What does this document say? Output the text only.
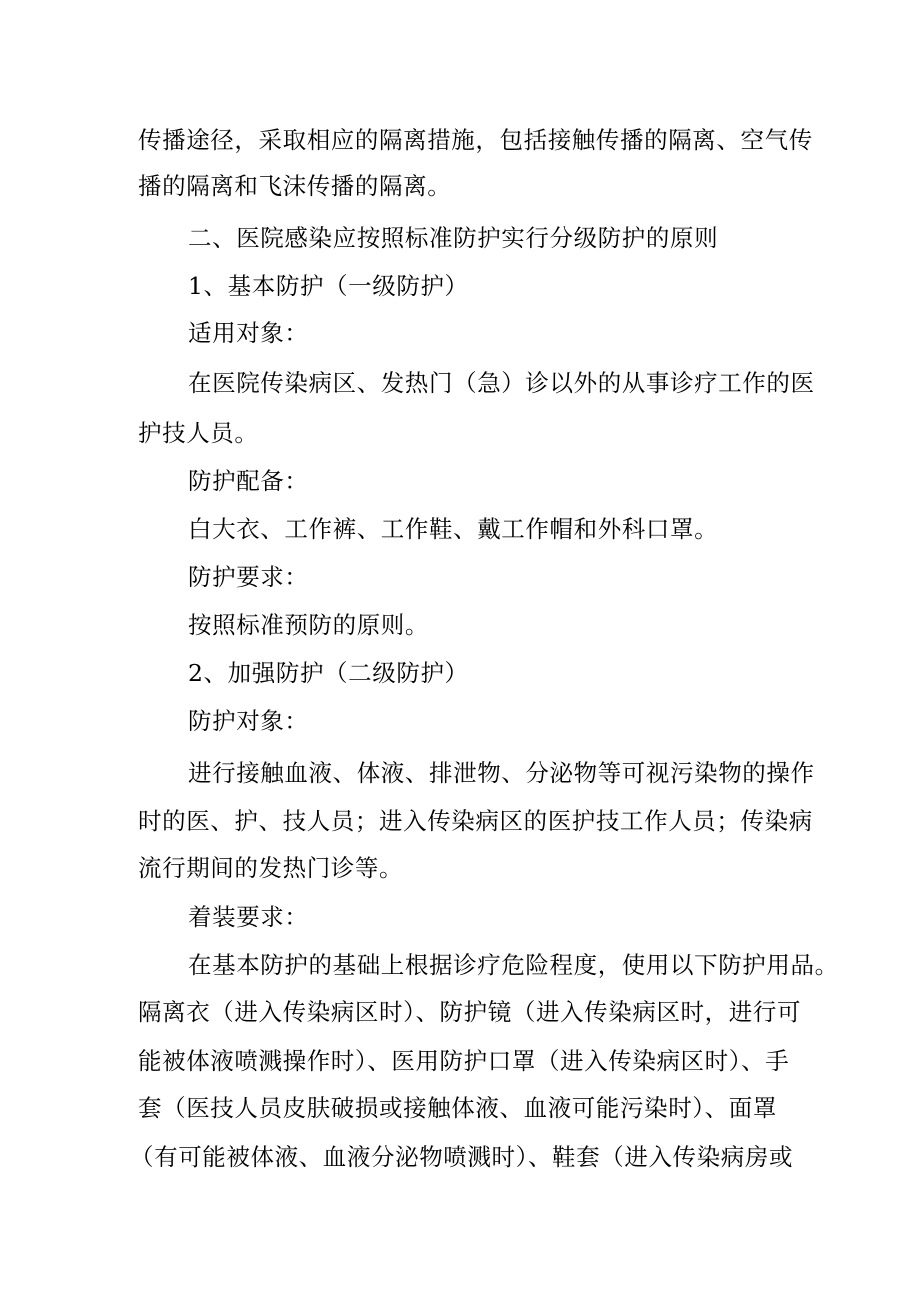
传播途径，采取相应的隔离措施，包括接触传播的隔离、空气传
播的隔离和飞沫传播的隔离。
二、医院感染应按照标准防护实行分级防护的原则
1、基本防护（一级防护）
适用对象：
在医院传染病区、发热门（急）诊以外的从事诊疗工作的医
护技人员。
防护配备：
白大衣、工作裤、工作鞋、戴工作帽和外科口罩。
防护要求：
按照标准预防的原则。
2、加强防护（二级防护）
防护对象：
进行接触血液、体液、排泄物、分泌物等可视污染物的操作
时的医、护、技人员；进入传染病区的医护技工作人员；传染病
流行期间的发热门诊等。
着装要求：
在基本防护的基础上根据诊疗危险程度，使用以下防护用品。
隔离衣（进入传染病区时）、防护镜（进入传染病区时，进行可
能被体液喷溅操作时）、医用防护口罩（进入传染病区时）、手
套（医技人员皮肤破损或接触体液、血液可能污染时）、面罩
（有可能被体液、血液分泌物喷溅时）、鞋套（进入传染病房或
